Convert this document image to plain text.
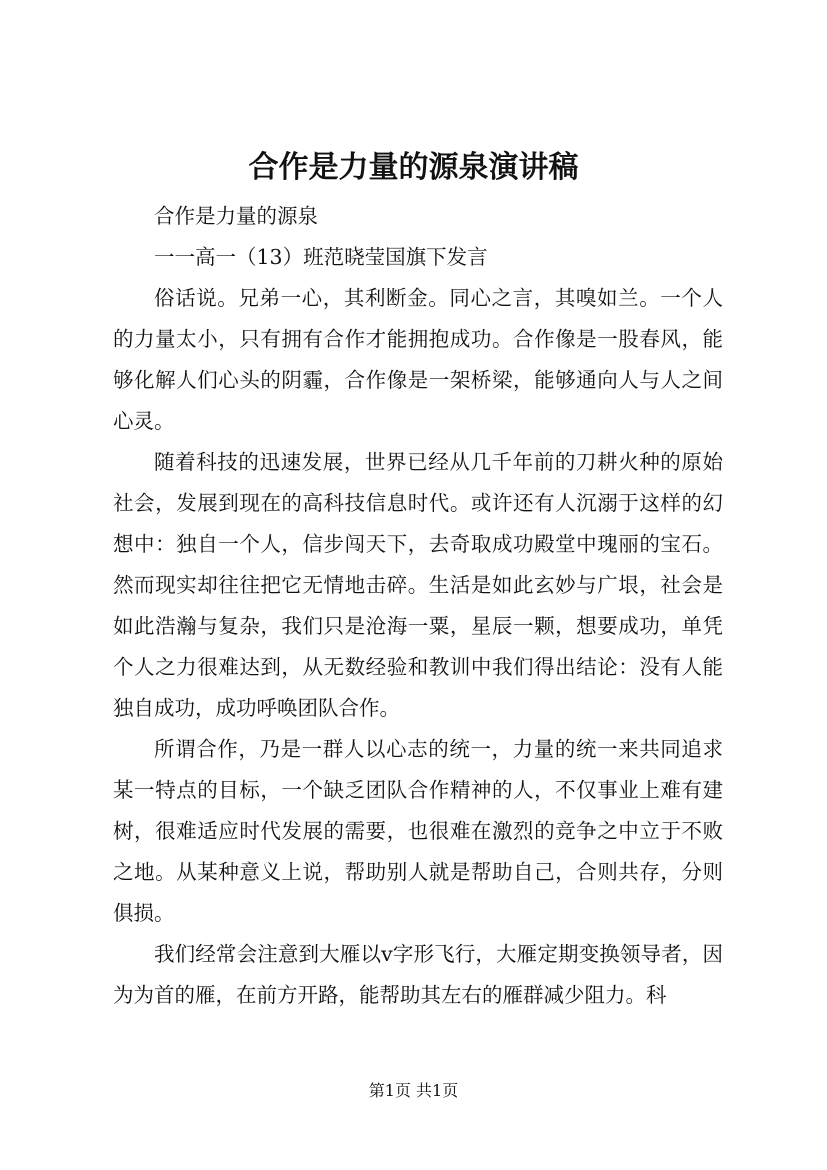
合作是力量的源泉演讲稿

合作是力量的源泉

一一高一（13）班范晓莹国旗下发言

俗话说。兄弟一心，其利断金。同心之言，其嗅如兰。一个人的力量太小，只有拥有合作才能拥抱成功。合作像是一股春风，能够化解人们心头的阴霾，合作像是一架桥梁，能够通向人与人之间心灵。

随着科技的迅速发展，世界已经从几千年前的刀耕火种的原始社会，发展到现在的高科技信息时代。或许还有人沉溺于这样的幻想中：独自一个人，信步闯天下，去奇取成功殿堂中瑰丽的宝石。然而现实却往往把它无情地击碎。生活是如此玄妙与广垠，社会是如此浩瀚与复杂，我们只是沧海一粟，星辰一颗，想要成功，单凭个人之力很难达到，从无数经验和教训中我们得出结论：没有人能独自成功，成功呼唤团队合作。

所谓合作，乃是一群人以心志的统一，力量的统一来共同追求某一特点的目标，一个缺乏团队合作精神的人，不仅事业上难有建树，很难适应时代发展的需要，也很难在激烈的竞争之中立于不败之地。从某种意义上说，帮助别人就是帮助自己，合则共存，分则俱损。

我们经常会注意到大雁以v字形飞行，大雁定期变换领导者，因为为首的雁，在前方开路，能帮助其左右的雁群减少阻力。科

第1页 共1页
